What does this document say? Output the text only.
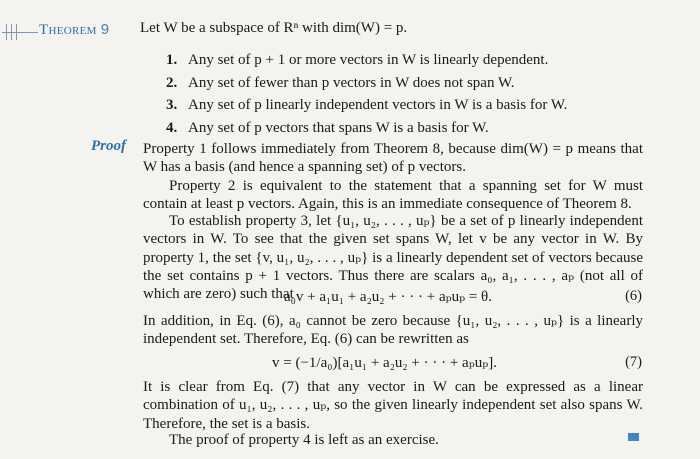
Theorem 9 Let W be a subspace of Rⁿ with dim(W) = p.
1. Any set of p + 1 or more vectors in W is linearly dependent.
2. Any set of fewer than p vectors in W does not span W.
3. Any set of p linearly independent vectors in W is a basis for W.
4. Any set of p vectors that spans W is a basis for W.
Proof Property 1 follows immediately from Theorem 8, because dim(W) = p means that W has a basis (and hence a spanning set) of p vectors.
Property 2 is equivalent to the statement that a spanning set for W must contain at least p vectors. Again, this is an immediate consequence of Theorem 8.
To establish property 3, let {u₁, u₂, . . . , uₚ} be a set of p linearly independent vectors in W. To see that the given set spans W, let v be any vector in W. By property 1, the set {v, u₁, u₂, . . . , uₚ} is a linearly dependent set of vectors because the set contains p + 1 vectors. Thus there are scalars a₀, a₁, . . . , aₚ (not all of which are zero) such that
a₀v + a₁u₁ + a₂u₂ + · · · + aₚuₚ = θ.	(6)
In addition, in Eq. (6), a₀ cannot be zero because {u₁, u₂, . . . , uₚ} is a linearly independent set. Therefore, Eq. (6) can be rewritten as
v = (−1/a₀)[a₁u₁ + a₂u₂ + · · · + aₚuₚ].	(7)
It is clear from Eq. (7) that any vector in W can be expressed as a linear combination of u₁, u₂, . . . , uₚ, so the given linearly independent set also spans W. Therefore, the set is a basis.
The proof of property 4 is left as an exercise.
